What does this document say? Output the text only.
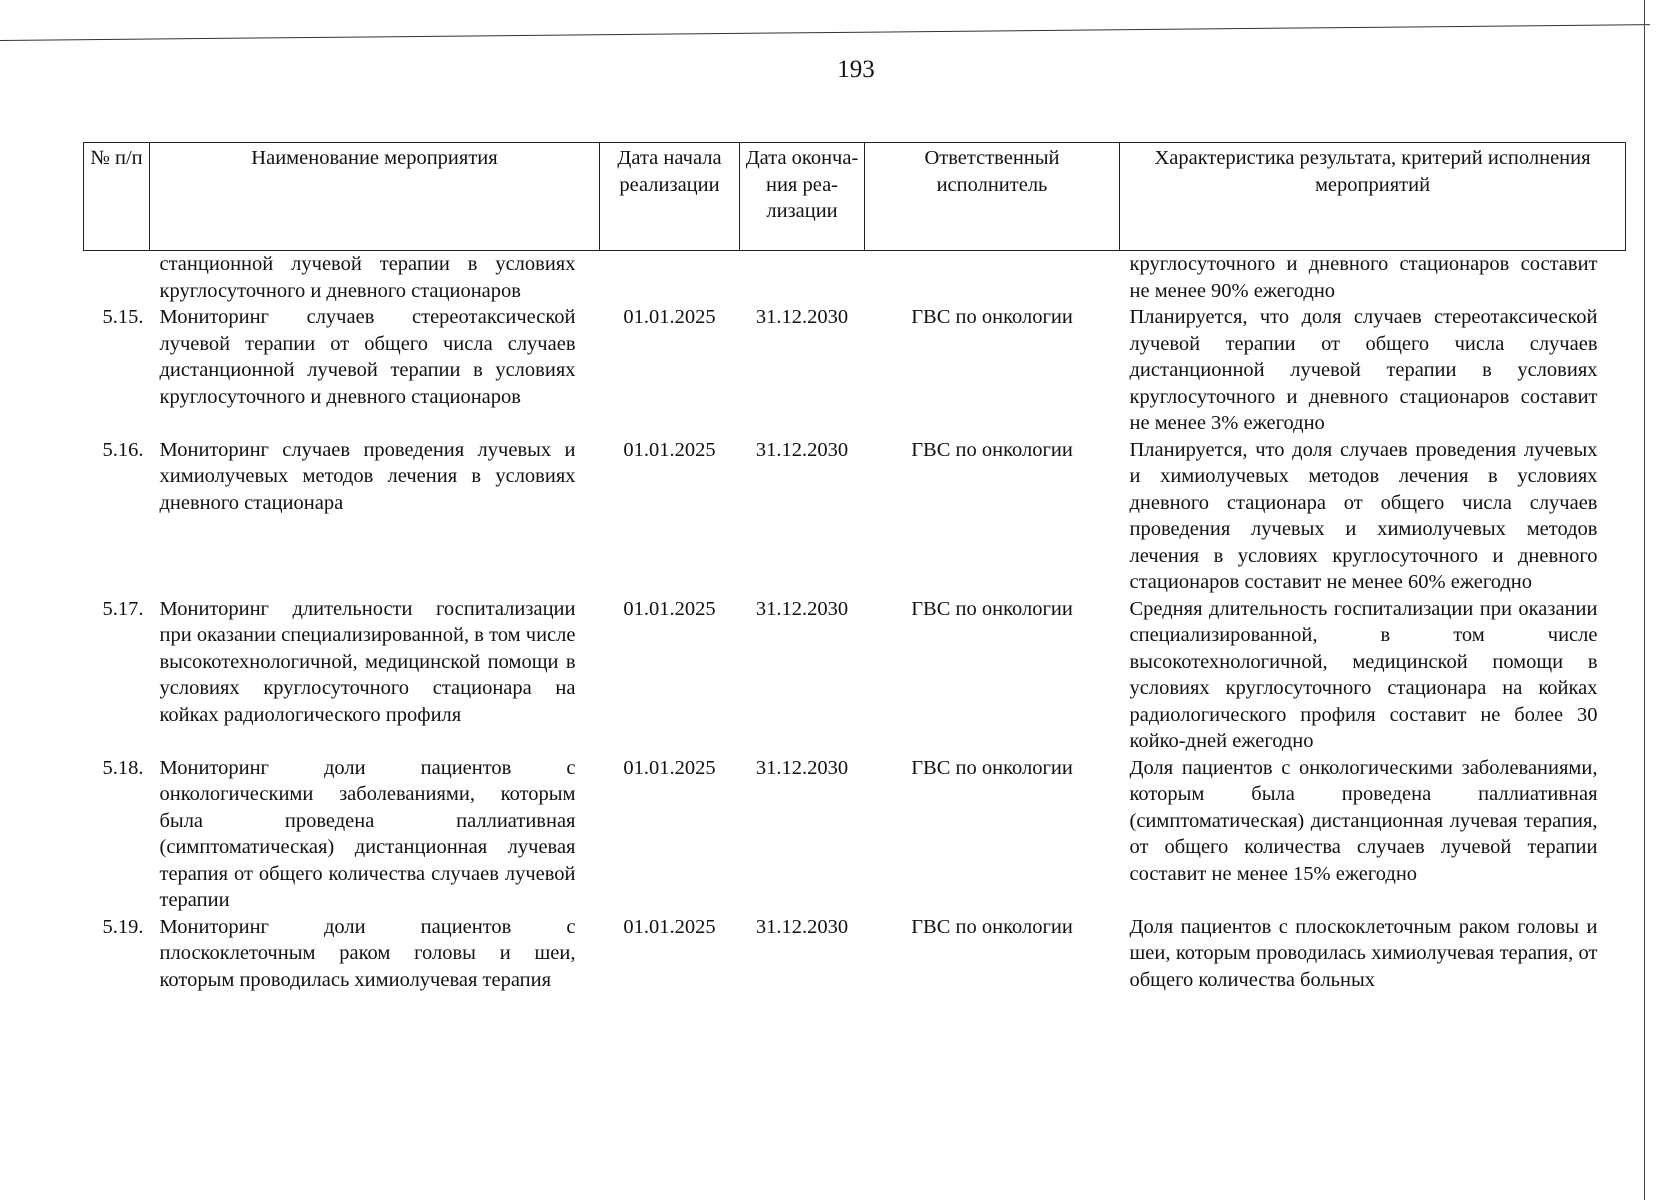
193
№ п/п	Наименование мероприятия	Дата начала реализации	Дата оконча-ния реа-лизации	Ответственный исполнитель	Характеристика результата, критерий исполнения мероприятий
	станционной лучевой терапии в условиях круглосуточного и дневного стационаров				круглосуточного и дневного стационаров составит не менее 90% ежегодно
5.15.	Мониторинг случаев стереотаксической лучевой терапии от общего числа случаев дистанционной лучевой терапии в условиях круглосуточного и дневного стационаров	01.01.2025	31.12.2030	ГВС по онкологии	Планируется, что доля случаев стереотаксической лучевой терапии от общего числа случаев дистанционной лучевой терапии в условиях круглосуточного и дневного стационаров составит не менее 3% ежегодно
5.16.	Мониторинг случаев проведения лучевых и химиолучевых методов лечения в условиях дневного стационара	01.01.2025	31.12.2030	ГВС по онкологии	Планируется, что доля случаев проведения лучевых и химиолучевых методов лечения в условиях дневного стационара от общего числа случаев проведения лучевых и химиолучевых методов лечения в условиях круглосуточного и дневного стационаров составит не менее 60% ежегодно
5.17.	Мониторинг длительности госпитализации при оказании специализированной, в том числе высокотехнологичной, медицинской помощи в условиях круглосуточного стационара на койках радиологического профиля	01.01.2025	31.12.2030	ГВС по онкологии	Средняя длительность госпитализации при оказании специализированной, в том числе высокотехнологичной, медицинской помощи в условиях круглосуточного стационара на койках радиологического профиля составит не более 30 койко-дней ежегодно
5.18.	Мониторинг доли пациентов с онкологическими заболеваниями, которым была проведена паллиативная (симптоматическая) дистанционная лучевая терапия от общего количества случаев лучевой терапии	01.01.2025	31.12.2030	ГВС по онкологии	Доля пациентов с онкологическими заболеваниями, которым была проведена паллиативная (симптоматическая) дистанционная лучевая терапия, от общего количества случаев лучевой терапии составит не менее 15% ежегодно
5.19.	Мониторинг доли пациентов с плоскоклеточным раком головы и шеи, которым проводилась химиолучевая терапия	01.01.2025	31.12.2030	ГВС по онкологии	Доля пациентов с плоскоклеточным раком головы и шеи, которым проводилась химиолучевая терапия, от общего количества больных
